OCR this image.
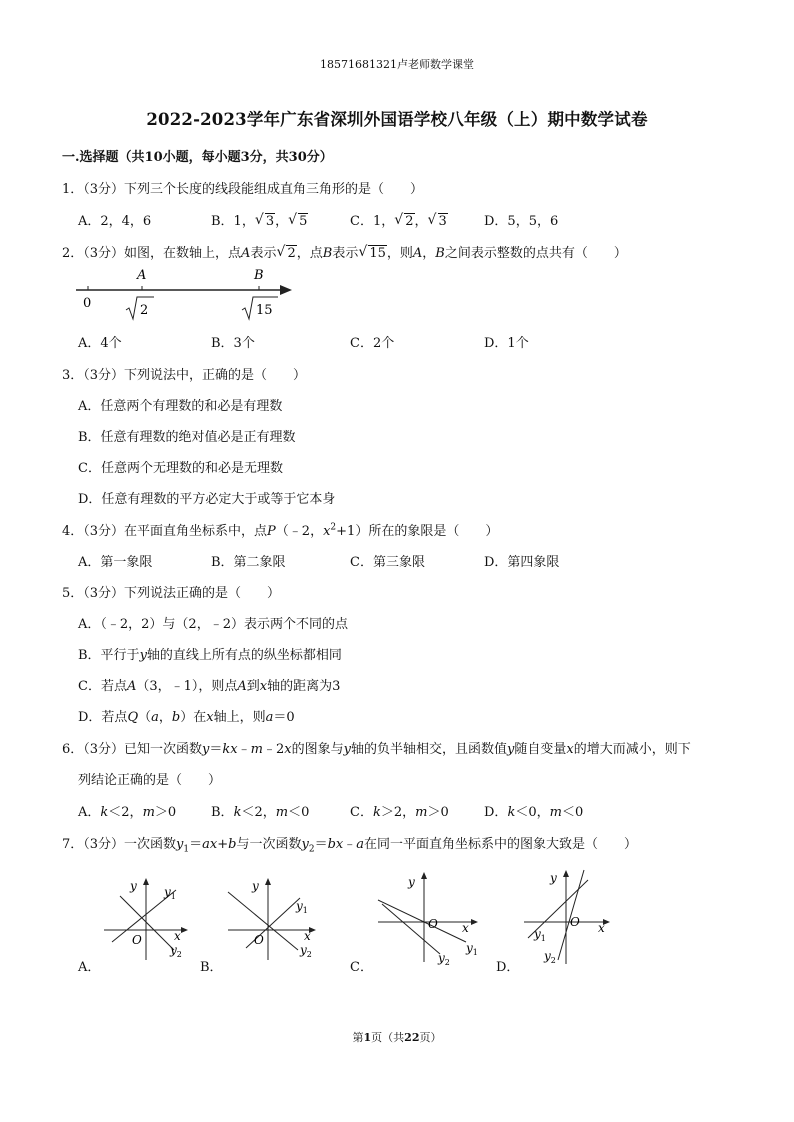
18571681321卢老师数学课堂
2022-2023学年广东省深圳外国语学校八年级（上）期中数学试卷
一.选择题（共10小题，每小题3分，共30分）
1．（3分）下列三个长度的线段能组成直角三角形的是（　　）
A．2，4，6	B．1， √ 3， √ 5	C．1， √ 2， √ 3	D．5，5，6
2．（3分）如图，在数轴上，点A表示 √ 2，点B表示 √ 15，则A，B之间表示整数的点共有（　　）
0
A	B
2	15
A．4个	B．3个	C．2个	D．1个
3．（3分）下列说法中，正确的是（　　）
A．任意两个有理数的和必是有理数
B．任意有理数的绝对值必是正有理数
C．任意两个无理数的和必是无理数
D．任意有理数的平方必定大于或等于它本身
4．（3分）在平面直角坐标系中，点P（﹣2，$x^2+1$）所在的象限是（　　）
A．第一象限	B．第二象限	C．第三象限	D．第四象限
5．（3分）下列说法正确的是（　　）
A．（﹣2，2）与（2，﹣2）表示两个不同的点
B．平行于y轴的直线上所有点的纵坐标都相同
C．若点A（3，﹣1），则点A到x轴的距离为3
D．若点Q（a，b）在x轴上，则a＝0
6．（3分）已知一次函数y＝kx﹣m﹣2x的图象与y轴的负半轴相交，且函数值y随自变量x的增大而减小，则下
列结论正确的是（　　）
A．k＜2，m＞0	B．k＜2，m＜0	C．k＞2，m＞0	D．k＜0，m＜0
7．（3分）一次函数$y_1=ax+b$与一次函数$y_2=bx﹣a$在同一平面直角坐标系中的图象大致是（　　）
A．
y $y_1$
O	x
$y_2$
B．
y
$y_1$
O	x
$y_2$
C．
y
O x
$y_1$
$y_2$	D．
y
O x
$y_1$
$y_2$
第1页（共22页）
